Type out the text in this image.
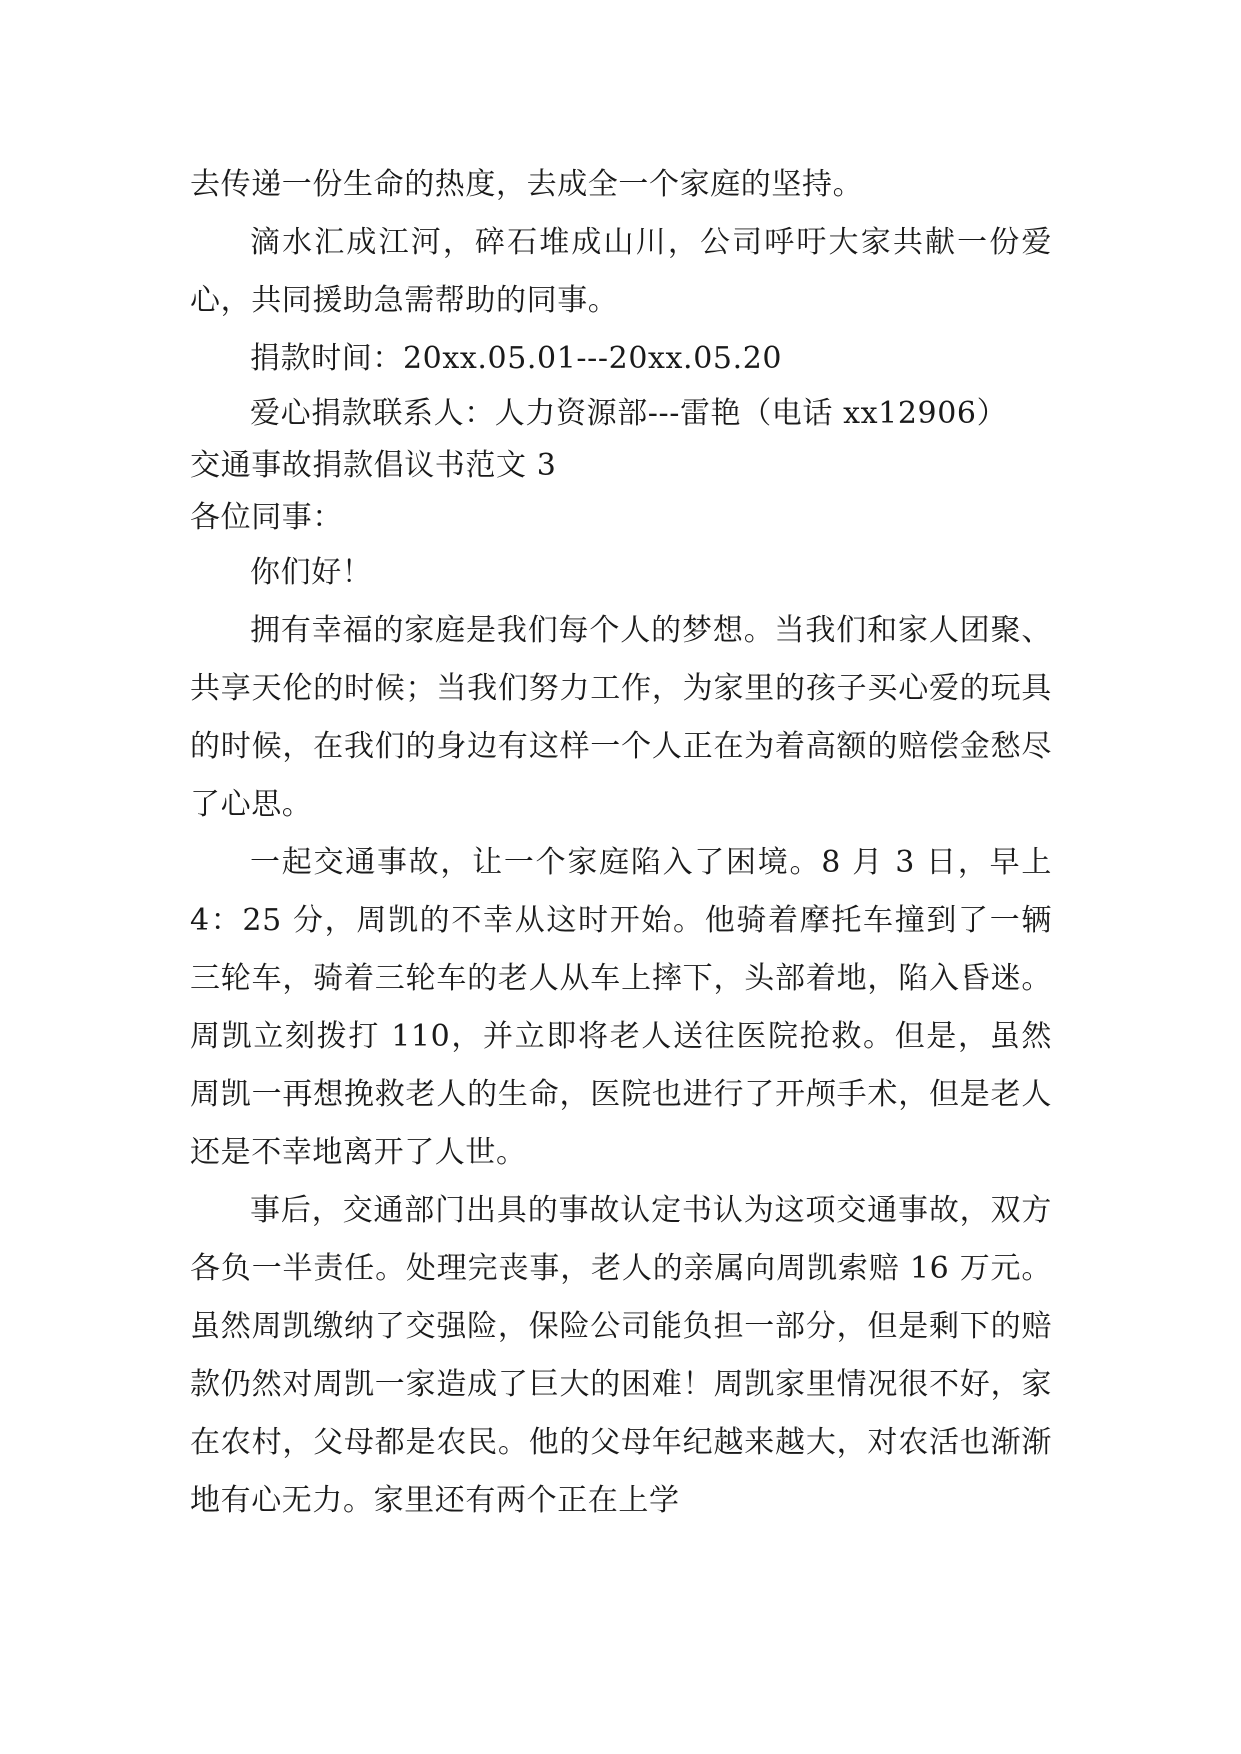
去传递一份生命的热度，去成全一个家庭的坚持。

滴水汇成江河，碎石堆成山川，公司呼吁大家共献一份爱心，共同援助急需帮助的同事。

捐款时间：20xx.05.01---20xx.05.20

爱心捐款联系人：人力资源部---雷艳（电话 xx12906）

交通事故捐款倡议书范文 3

各位同事：

你们好！

拥有幸福的家庭是我们每个人的梦想。当我们和家人团聚、共享天伦的时候；当我们努力工作，为家里的孩子买心爱的玩具的时候，在我们的身边有这样一个人正在为着高额的赔偿金愁尽了心思。

一起交通事故，让一个家庭陷入了困境。8 月 3 日，早上 4：25 分，周凯的不幸从这时开始。他骑着摩托车撞到了一辆三轮车，骑着三轮车的老人从车上摔下，头部着地，陷入昏迷。周凯立刻拨打 110，并立即将老人送往医院抢救。但是，虽然周凯一再想挽救老人的生命，医院也进行了开颅手术，但是老人还是不幸地离开了人世。

事后，交通部门出具的事故认定书认为这项交通事故，双方各负一半责任。处理完丧事，老人的亲属向周凯索赔 16 万元。虽然周凯缴纳了交强险，保险公司能负担一部分，但是剩下的赔款仍然对周凯一家造成了巨大的困难！周凯家里情况很不好，家在农村，父母都是农民。他的父母年纪越来越大，对农活也渐渐地有心无力。家里还有两个正在上学
